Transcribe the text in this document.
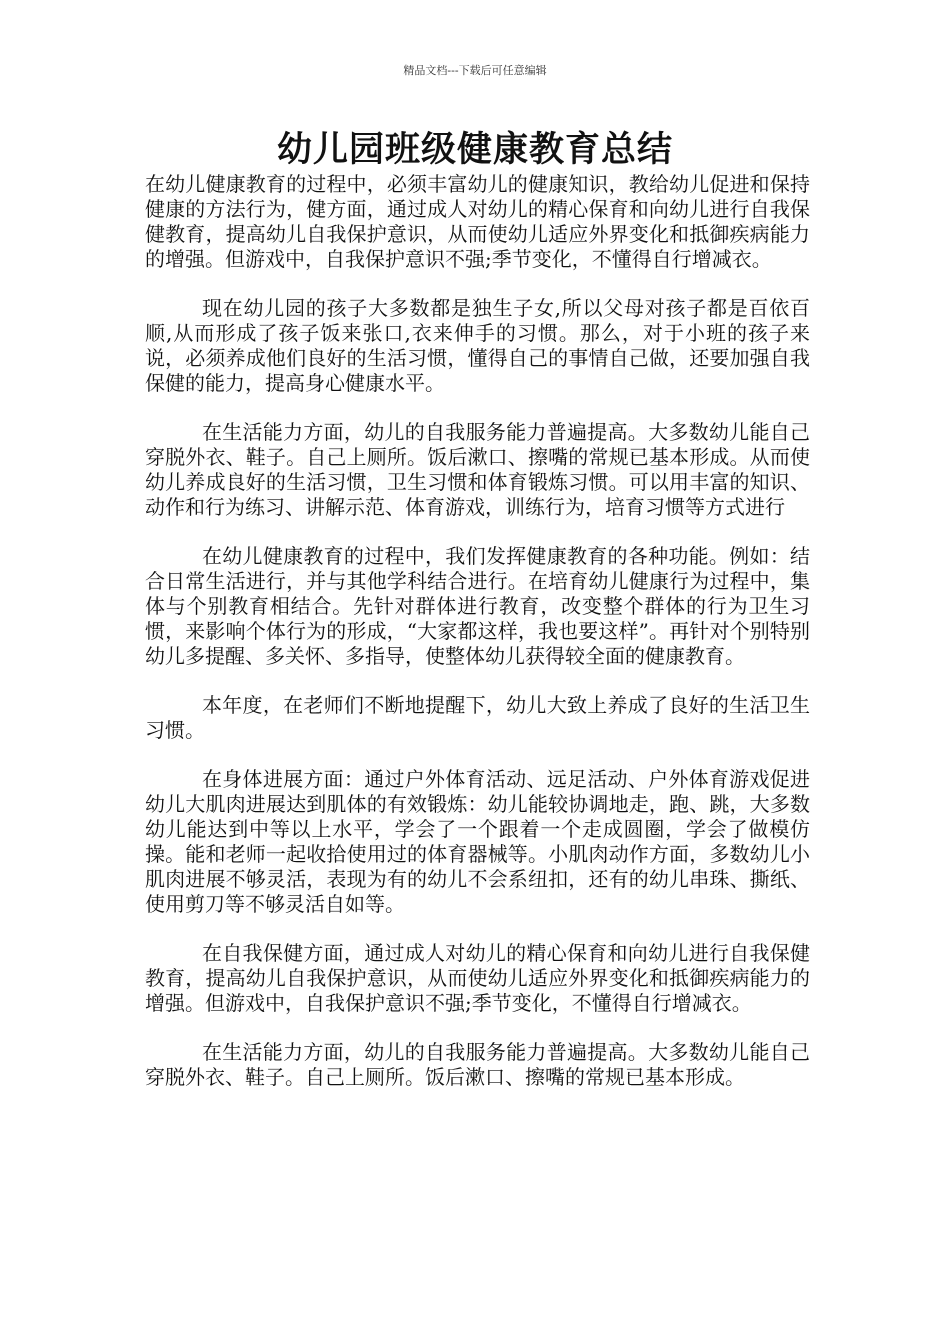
精品文档---下载后可任意编辑
幼儿园班级健康教育总结

在幼儿健康教育的过程中，必须丰富幼儿的健康知识，教给幼儿促进和保持健康的方法行为，健方面，通过成人对幼儿的精心保育和向幼儿进行自我保健教育，提高幼儿自我保护意识，从而使幼儿适应外界变化和抵御疾病能力的增强。但游戏中，自我保护意识不强;季节变化，不懂得自行增减衣。

现在幼儿园的孩子大多数都是独生子女,所以父母对孩子都是百依百顺,从而形成了孩子饭来张口,衣来伸手的习惯。那么，对于小班的孩子来说，必须养成他们良好的生活习惯，懂得自己的事情自己做，还要加强自我保健的能力，提高身心健康水平。

在生活能力方面，幼儿的自我服务能力普遍提高。大多数幼儿能自己穿脱外衣、鞋子。自己上厕所。饭后漱口、擦嘴的常规已基本形成。从而使幼儿养成良好的生活习惯，卫生习惯和体育锻炼习惯。可以用丰富的知识、动作和行为练习、讲解示范、体育游戏，训练行为，培育习惯等方式进行

在幼儿健康教育的过程中，我们发挥健康教育的各种功能。例如：结合日常生活进行，并与其他学科结合进行。在培育幼儿健康行为过程中，集体与个别教育相结合。先针对群体进行教育，改变整个群体的行为卫生习惯，来影响个体行为的形成，“大家都这样，我也要这样”。再针对个别特别幼儿多提醒、多关怀、多指导，使整体幼儿获得较全面的健康教育。

本年度，在老师们不断地提醒下，幼儿大致上养成了良好的生活卫生习惯。

在身体进展方面：通过户外体育活动、远足活动、户外体育游戏促进幼儿大肌肉进展达到肌体的有效锻炼：幼儿能较协调地走，跑、跳，大多数幼儿能达到中等以上水平，学会了一个跟着一个走成圆圈，学会了做模仿操。能和老师一起收拾使用过的体育器械等。小肌肉动作方面，多数幼儿小肌肉进展不够灵活，表现为有的幼儿不会系纽扣，还有的幼儿串珠、撕纸、使用剪刀等不够灵活自如等。

在自我保健方面，通过成人对幼儿的精心保育和向幼儿进行自我保健教育，提高幼儿自我保护意识，从而使幼儿适应外界变化和抵御疾病能力的增强。但游戏中，自我保护意识不强;季节变化，不懂得自行增减衣。

在生活能力方面，幼儿的自我服务能力普遍提高。大多数幼儿能自己穿脱外衣、鞋子。自己上厕所。饭后漱口、擦嘴的常规已基本形成。
